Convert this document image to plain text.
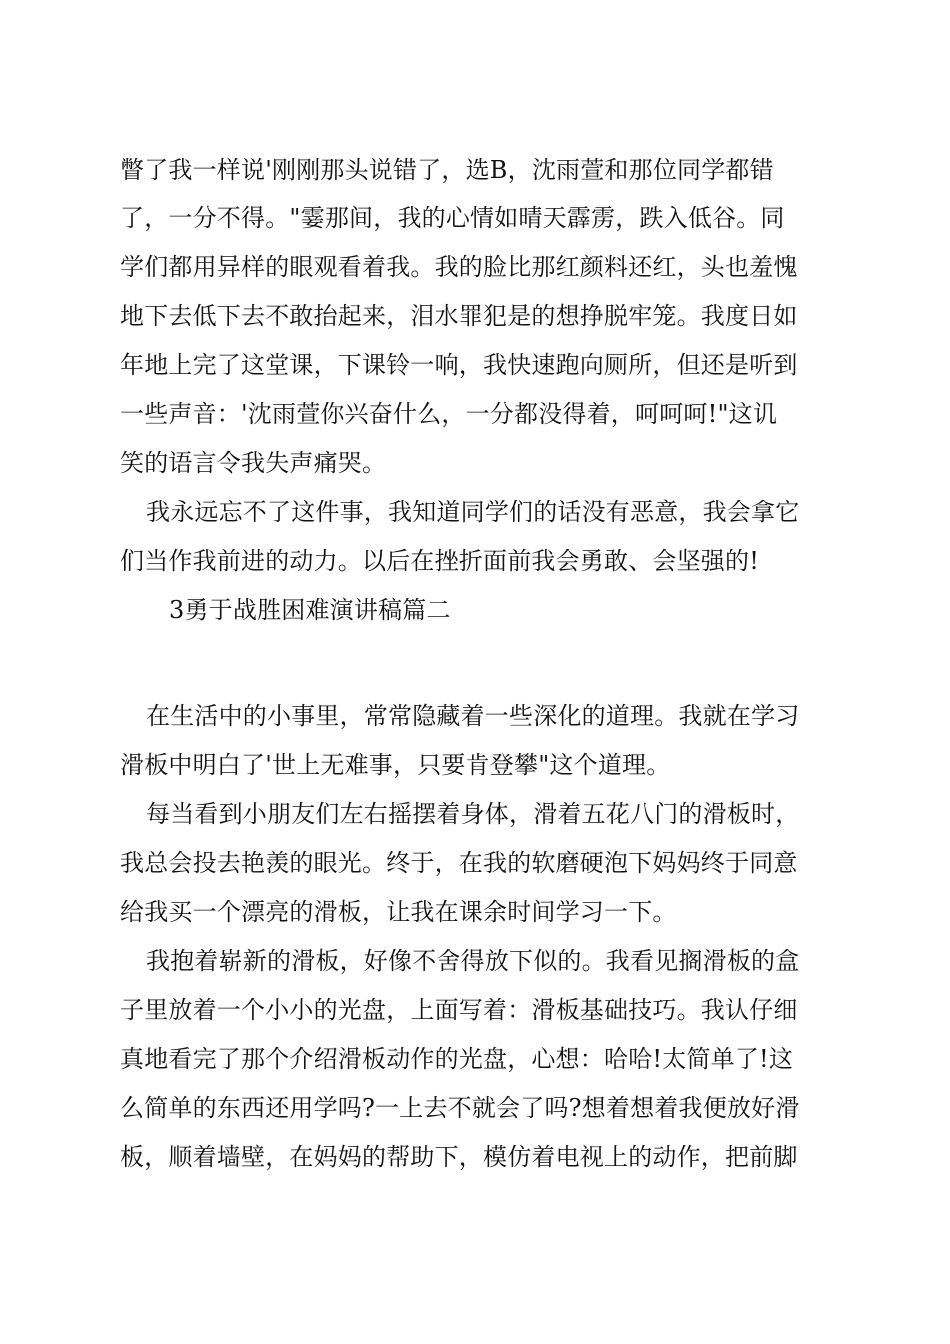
瞥了我一样说'刚刚那头说错了，选B，沈雨萱和那位同学都错
了，一分不得。"霎那间，我的心情如晴天霹雳，跌入低谷。同
学们都用异样的眼观看着我。我的脸比那红颜料还红，头也羞愧
地下去低下去不敢抬起来，泪水罪犯是的想挣脱牢笼。我度日如
年地上完了这堂课，下课铃一响，我快速跑向厕所，但还是听到
一些声音：'沈雨萱你兴奋什么，一分都没得着，呵呵呵!"这讥
笑的语言令我失声痛哭。
我永远忘不了这件事，我知道同学们的话没有恶意，我会拿它
们当作我前进的动力。以后在挫折面前我会勇敢、会坚强的!
3勇于战胜困难演讲稿篇二
在生活中的小事里，常常隐藏着一些深化的道理。我就在学习
滑板中明白了'世上无难事，只要肯登攀"这个道理。
每当看到小朋友们左右摇摆着身体，滑着五花八门的滑板时，
我总会投去艳羡的眼光。终于，在我的软磨硬泡下妈妈终于同意
给我买一个漂亮的滑板，让我在课余时间学习一下。
我抱着崭新的滑板，好像不舍得放下似的。我看见搁滑板的盒
子里放着一个小小的光盘，上面写着：滑板基础技巧。我认仔细
真地看完了那个介绍滑板动作的光盘，心想：哈哈!太简单了!这
么简单的东西还用学吗?一上去不就会了吗?想着想着我便放好滑
板，顺着墙壁，在妈妈的帮助下，模仿着电视上的动作，把前脚
